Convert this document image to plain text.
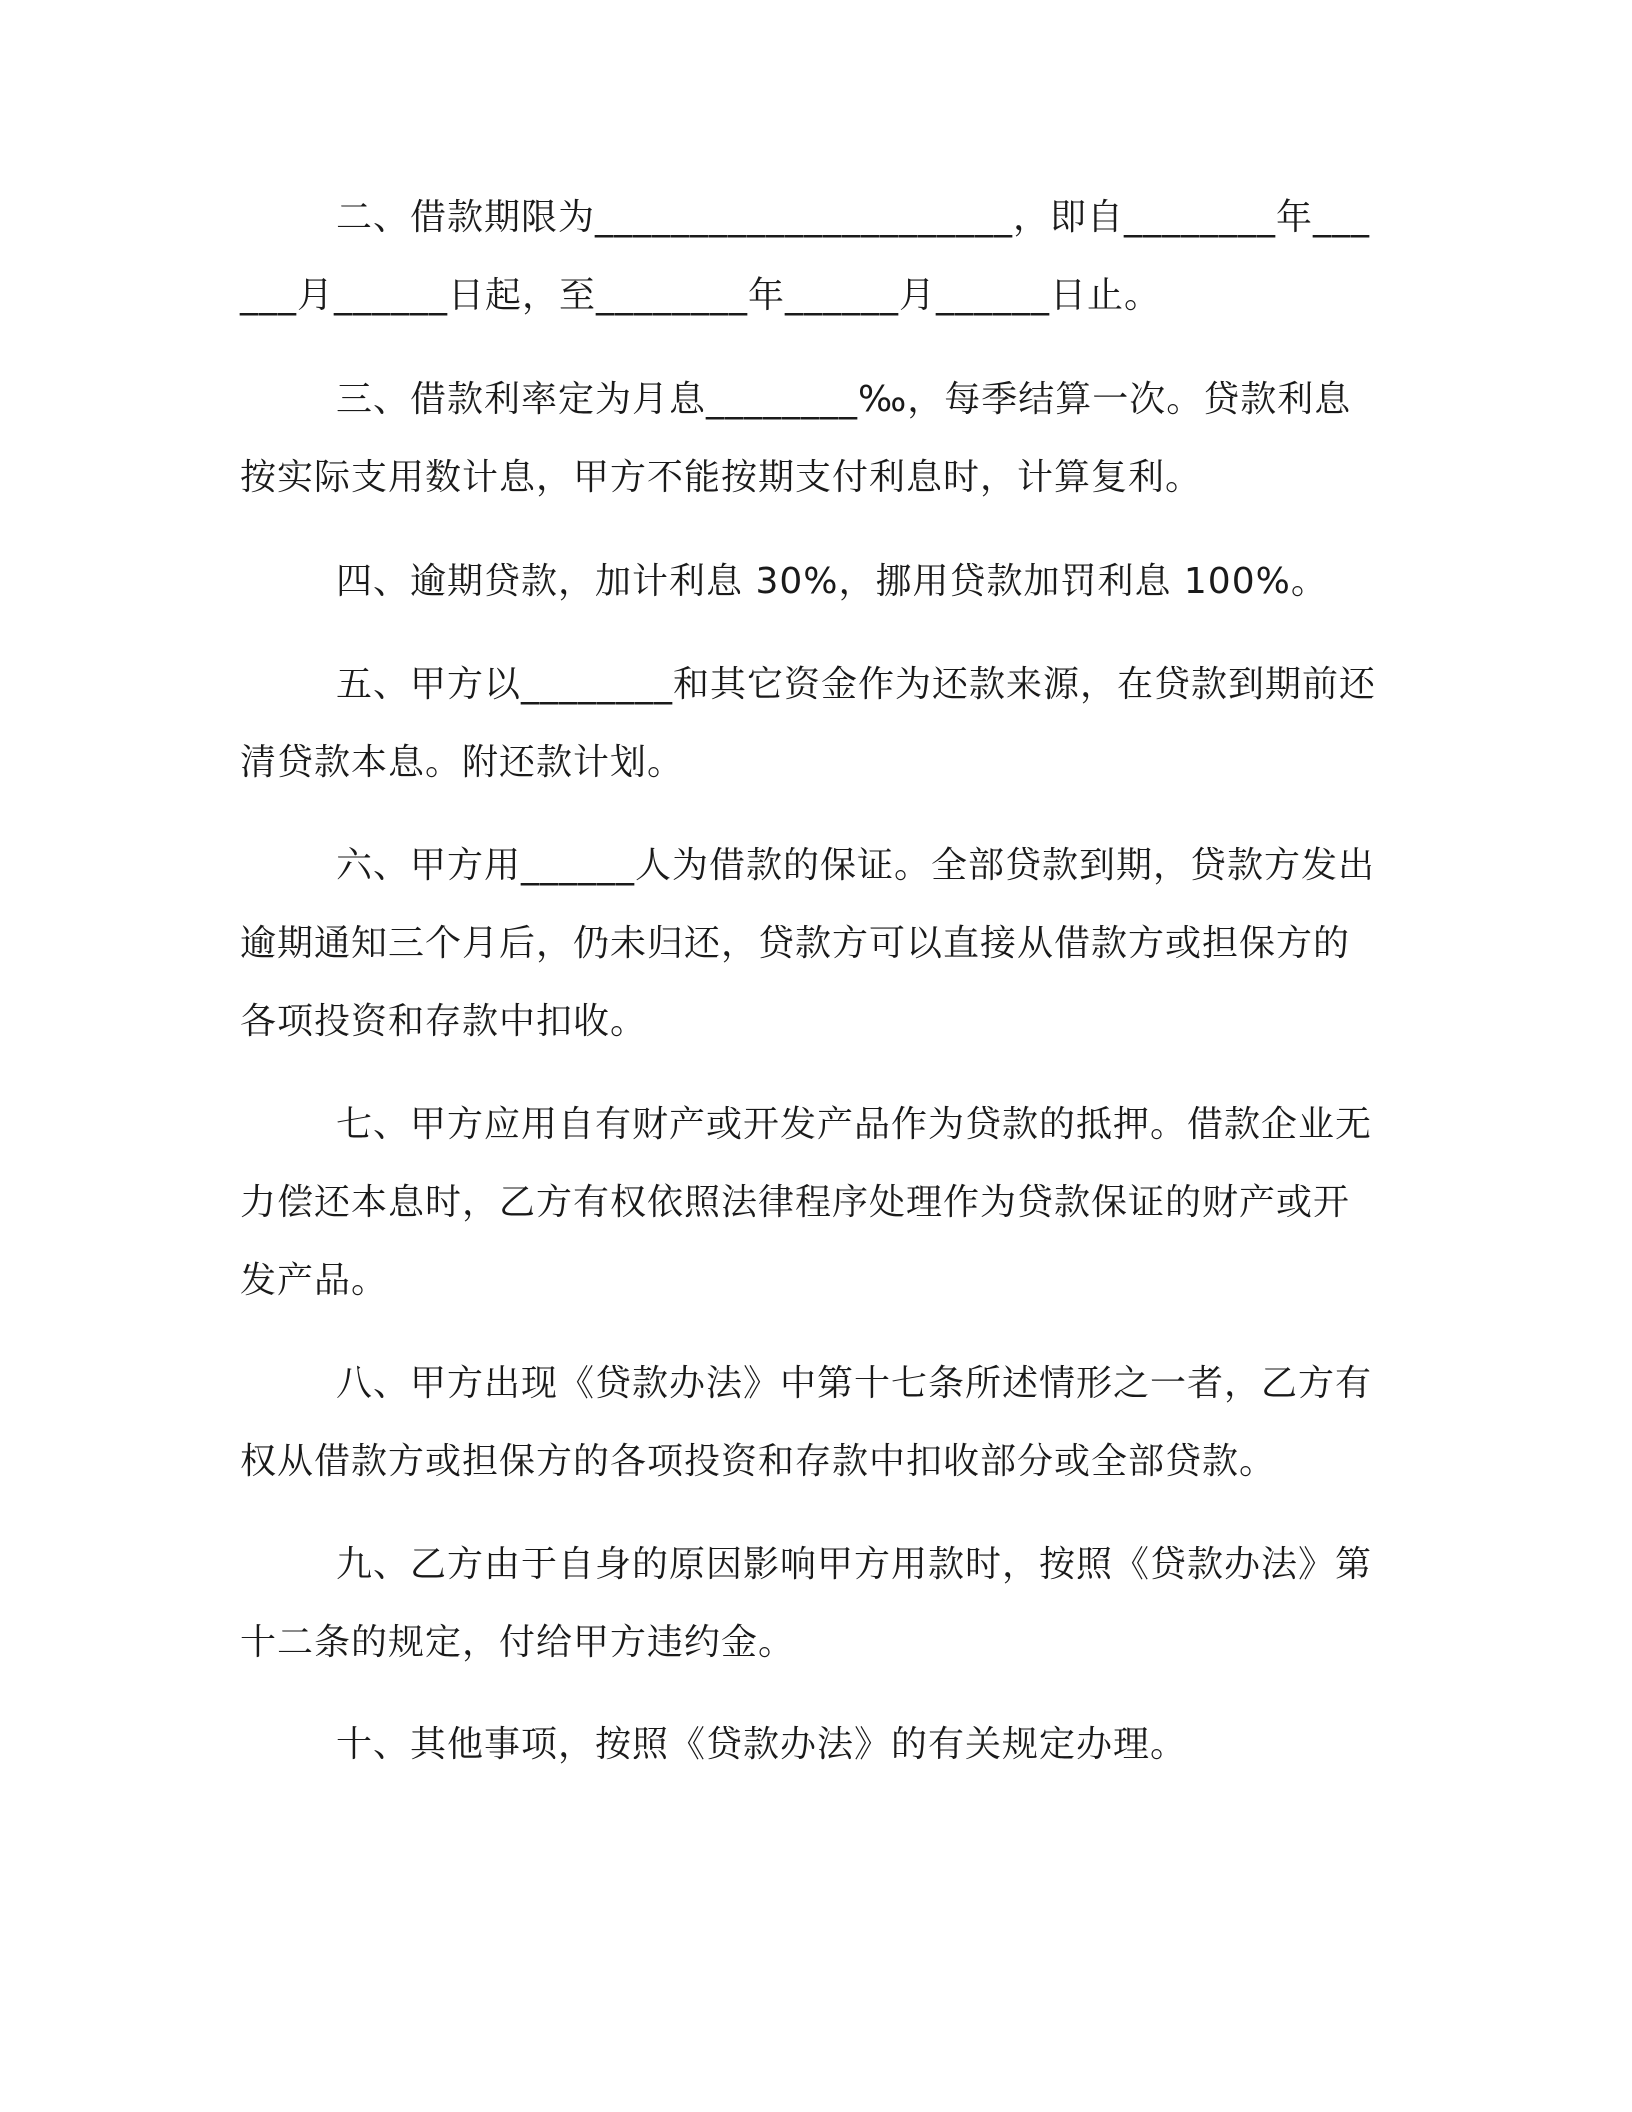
二、借款期限为______________________，即自________年______月______日起，至________年______月______日止。

三、借款利率定为月息________‰，每季结算一次。贷款利息按实际支用数计息，甲方不能按期支付利息时，计算复利。

四、逾期贷款，加计利息 30%，挪用贷款加罚利息 100%。

五、甲方以________和其它资金作为还款来源，在贷款到期前还清贷款本息。附还款计划。

六、甲方用______人为借款的保证。全部贷款到期，贷款方发出逾期通知三个月后，仍未归还，贷款方可以直接从借款方或担保方的各项投资和存款中扣收。

七、甲方应用自有财产或开发产品作为贷款的抵押。借款企业无力偿还本息时，乙方有权依照法律程序处理作为贷款保证的财产或开发产品。

八、甲方出现《贷款办法》中第十七条所述情形之一者，乙方有权从借款方或担保方的各项投资和存款中扣收部分或全部贷款。

九、乙方由于自身的原因影响甲方用款时，按照《贷款办法》第十二条的规定，付给甲方违约金。

十、其他事项，按照《贷款办法》的有关规定办理。
